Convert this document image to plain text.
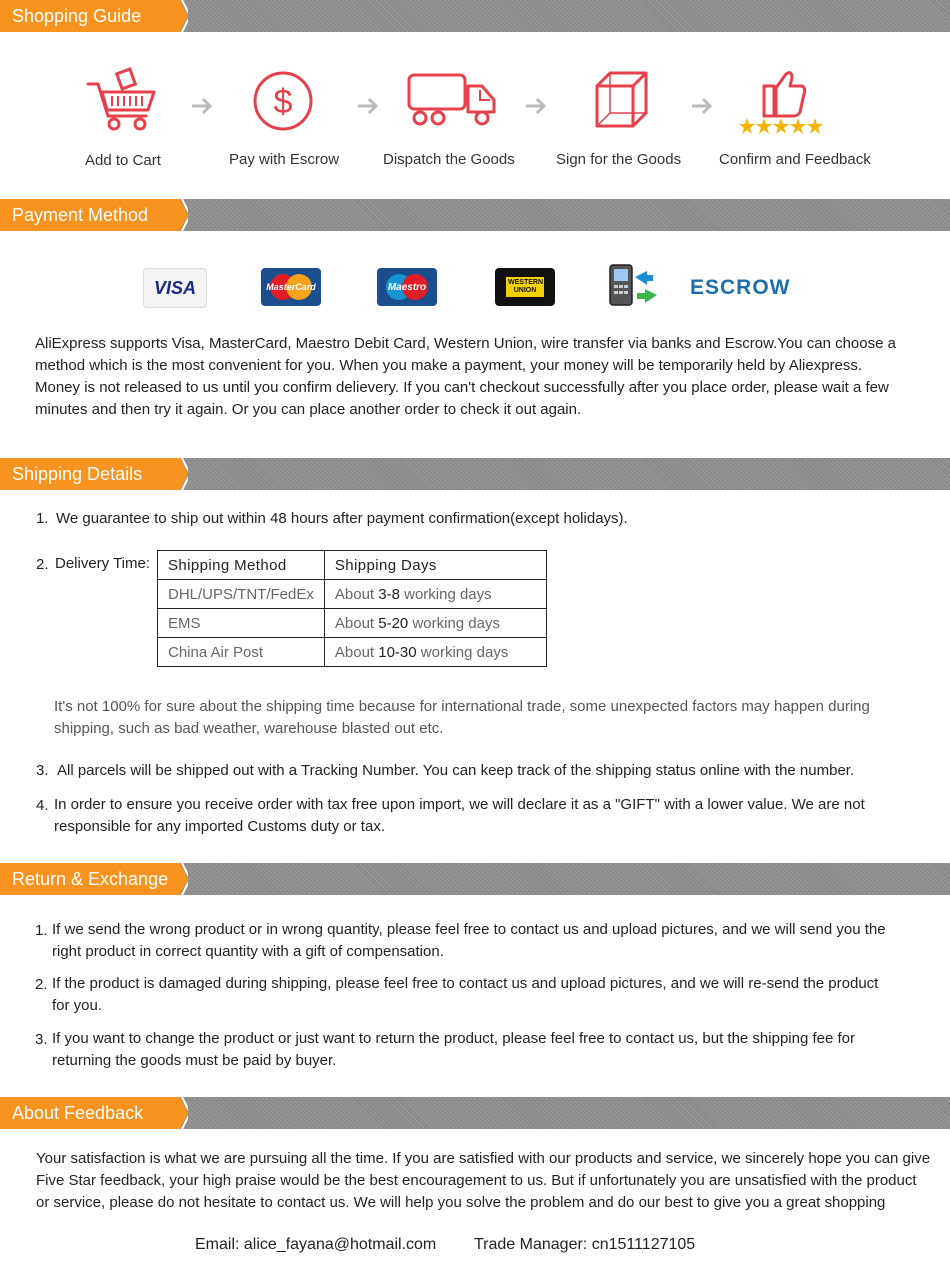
Shopping Guide
$
Add to Cart	Pay with Escrow	Dispatch the Goods	Sign for the Goods	Confirm and Feedback
Payment Method
VISA	MasterCard	Maestro	WESTERN UNION	ESCROW
AliExpress supports Visa, MasterCard, Maestro Debit Card, Western Union, wire transfer via banks and Escrow.You can choose a
method which is the most convenient for you. When you make a payment, your money will be temporarily held by Aliexpress.
Money is not released to us until you confirm delievery. If you can't checkout successfully after you place order, please wait a few
minutes and then try it again. Or you can place another order to check it out again.
Shipping Details
1. We guarantee to ship out within 48 hours after payment confirmation(except holidays).
2. Delivery Time: Shipping Method	Shipping Days
DHL/UPS/TNT/FedEx	About 3-8 working days
EMS	About 5-20 working days
China Air Post	About 10-30 working days
It's not 100% for sure about the shipping time because for international trade, some unexpected factors may happen during
shipping, such as bad weather, warehouse blasted out etc.
3. All parcels will be shipped out with a Tracking Number. You can keep track of the shipping status online with the number.
4. In order to ensure you receive order with tax free upon import, we will declare it as a "GIFT" with a lower value. We are not
responsible for any imported Customs duty or tax.
Return & Exchange
1. If we send the wrong product or in wrong quantity, please feel free to contact us and upload pictures, and we will send you the
right product in correct quantity with a gift of compensation.
2. If the product is damaged during shipping, please feel free to contact us and upload pictures, and we will re-send the product
for you.
3. If you want to change the product or just want to return the product, please feel free to contact us, but the shipping fee for
returning the goods must be paid by buyer.
About Feedback
Your satisfaction is what we are pursuing all the time. If you are satisfied with our products and service, we sincerely hope you can give
Five Star feedback, your high praise would be the best encouragement to us. But if unfortunately you are unsatisfied with the product
or service, please do not hesitate to contact us. We will help you solve the problem and do our best to give you a great shopping
Email: alice_fayana@hotmail.com Trade Manager: cn1511127105
